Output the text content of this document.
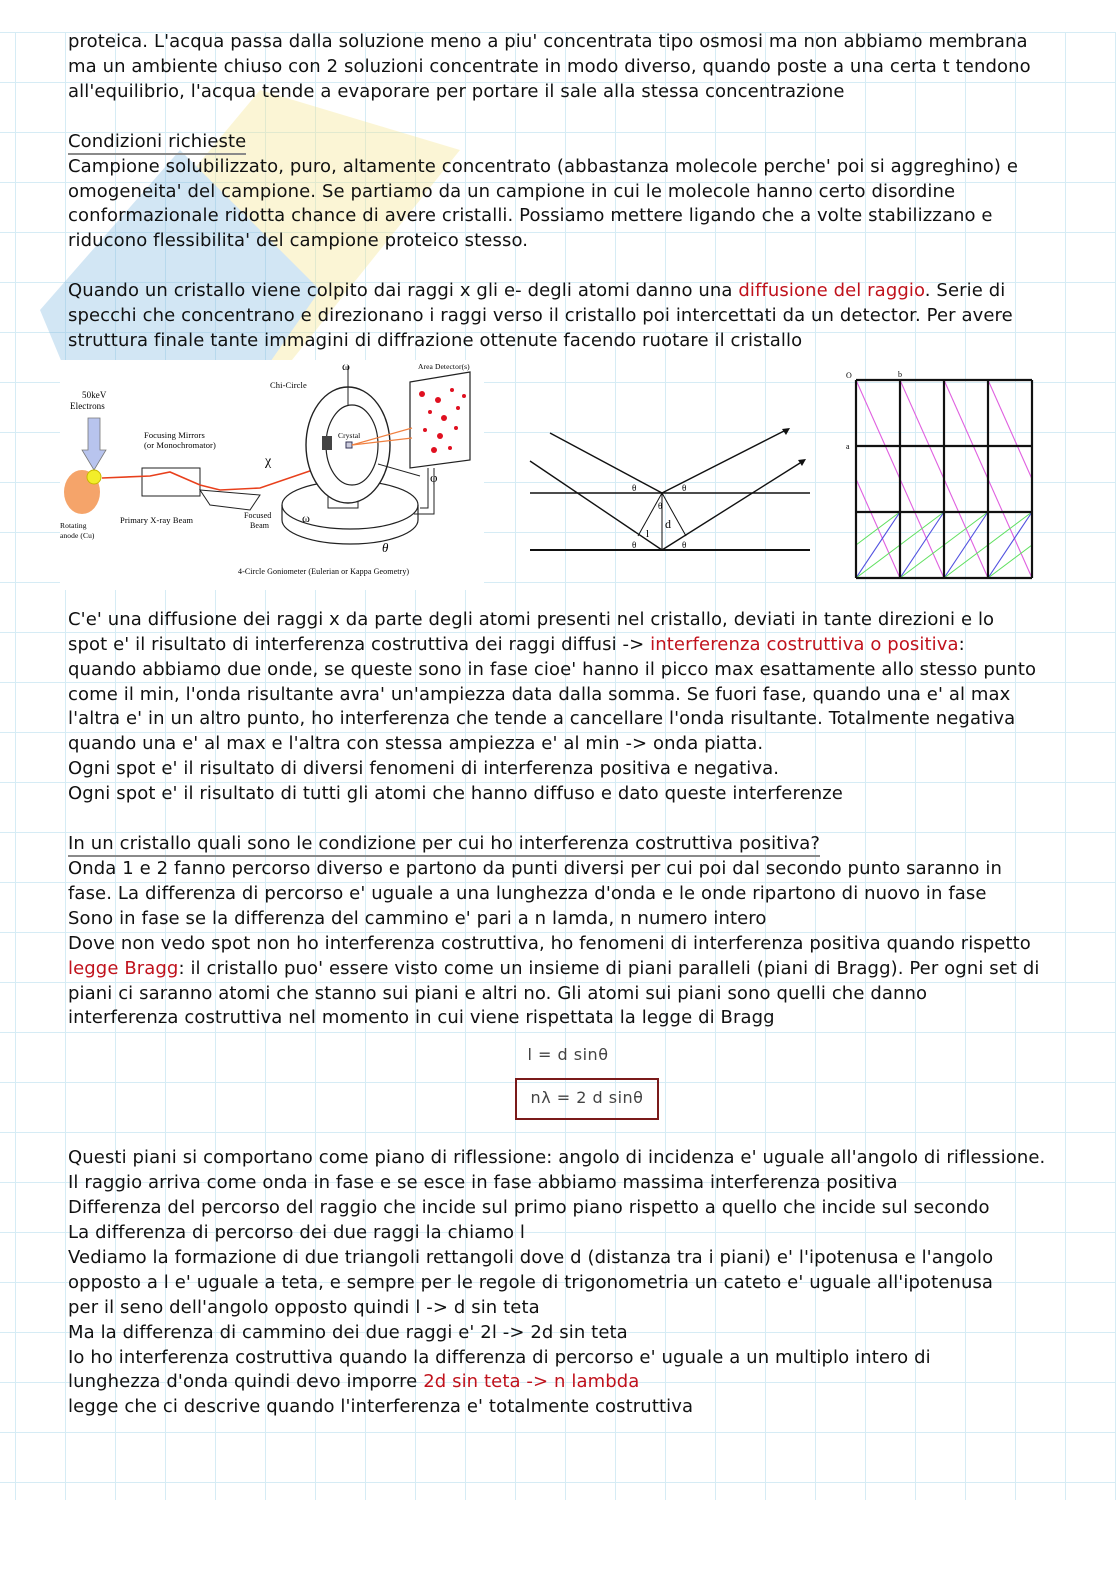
proteica. L'acqua passa dalla soluzione meno a piu' concentrata tipo osmosi ma non abbiamo membrana

ma un ambiente chiuso con 2 soluzioni concentrate in modo diverso, quando poste a una certa t tendono

all'equilibrio, l'acqua tende a evaporare per portare il sale alla stessa concentrazione

Condizioni richieste

Campione solubilizzato, puro, altamente concentrato (abbastanza molecole perche' poi si aggreghino) e

omogeneita' del campione. Se partiamo da un campione in cui le molecole hanno certo disordine

conformazionale ridotta chance di avere cristalli. Possiamo mettere ligando che a volte stabilizzano e

riducono flessibilita' del campione proteico stesso.

Quando un cristallo viene colpito dai raggi x gli e- degli atomi danno una diffusione del raggio. Serie di

specchi che concentrano e direzionano i raggi verso il cristallo poi intercettati da un detector. Per avere

struttura finale tante immagini di diffrazione ottenute facendo ruotare il cristallo

50keV
Electrons
Rotating
anode (Cu)
Focusing Mirrors
(or Monochromator)
Primary X-ray Beam	Focused
Beam
χ
Chi-Circle
ω
ω
Crystal
φ
θ
Area Detector(s)
4-Circle Goniometer (Eulerian or Kappa Geometry)
θ	θ
θ
θ	θ
d
l
O	b
a

C'e' una diffusione dei raggi x da parte degli atomi presenti nel cristallo, deviati in tante direzioni e lo

spot e' il risultato di interferenza costruttiva dei raggi diffusi -> interferenza costruttiva o positiva:

quando abbiamo due onde, se queste sono in fase cioe' hanno il picco max esattamente allo stesso punto

come il min, l'onda risultante avra' un'ampiezza data dalla somma. Se fuori fase, quando una e' al max

l'altra e' in un altro punto, ho interferenza che tende a cancellare l'onda risultante. Totalmente negativa

quando una e' al max e l'altra con stessa ampiezza e' al min -> onda piatta.

Ogni spot e' il risultato di diversi fenomeni di interferenza positiva e negativa.

Ogni spot e' il risultato di tutti gli atomi che hanno diffuso e dato queste interferenze

In un cristallo quali sono le condizione per cui ho interferenza costruttiva positiva?

Onda 1 e 2 fanno percorso diverso e partono da punti diversi per cui poi dal secondo punto saranno in

fase. La differenza di percorso e' uguale a una lunghezza d'onda e le onde ripartono di nuovo in fase

Sono in fase se la differenza del cammino e' pari a n lamda, n numero intero

Dove non vedo spot non ho interferenza costruttiva, ho fenomeni di interferenza positiva quando rispetto

legge Bragg: il cristallo puo' essere visto come un insieme di piani paralleli (piani di Bragg). Per ogni set di

piani ci saranno atomi che stanno sui piani e altri no. Gli atomi sui piani sono quelli che danno

interferenza costruttiva nel momento in cui viene rispettata la legge di Bragg

l = d sinθ
nλ = 2 d sinθ

Questi piani si comportano come piano di riflessione: angolo di incidenza e' uguale all'angolo di riflessione.

Il raggio arriva come onda in fase e se esce in fase abbiamo massima interferenza positiva

Differenza del percorso del raggio che incide sul primo piano rispetto a quello che incide sul secondo

La differenza di percorso dei due raggi la chiamo l

Vediamo la formazione di due triangoli rettangoli dove d (distanza tra i piani) e' l'ipotenusa e l'angolo

opposto a l e' uguale a teta, e sempre per le regole di trigonometria un cateto e' uguale all'ipotenusa

per il seno dell'angolo opposto quindi l -> d sin teta

Ma la differenza di cammino dei due raggi e' 2l -> 2d sin teta

Io ho interferenza costruttiva quando la differenza di percorso e' uguale a un multiplo intero di

lunghezza d'onda quindi devo imporre 2d sin teta -> n lambda

legge che ci descrive quando l'interferenza e' totalmente costruttiva
